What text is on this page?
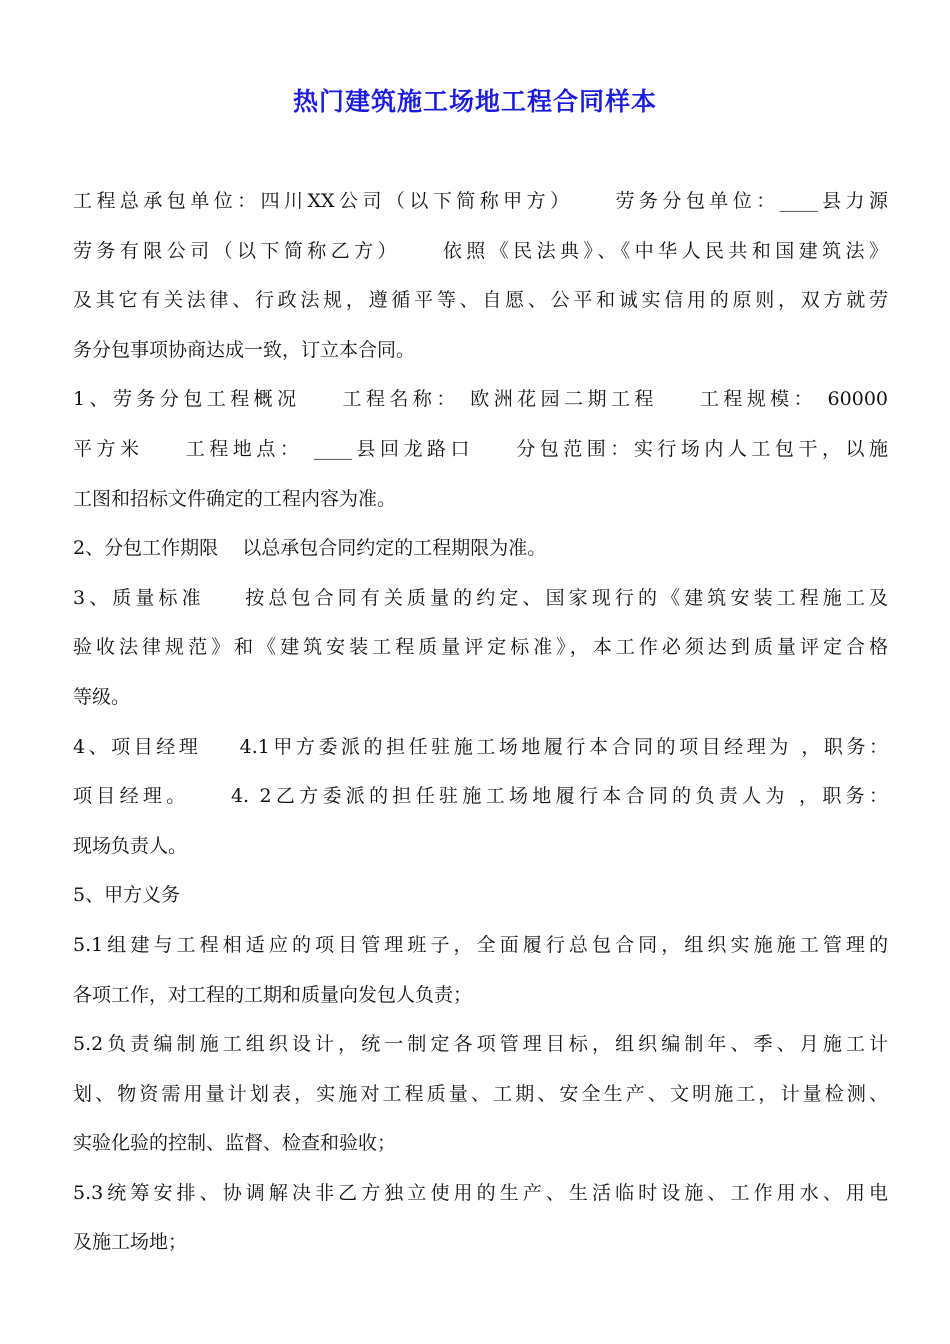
热门建筑施工场地工程合同样本
工程总承包单位：四川XX公司（以下简称甲方）    劳务分包单位：____县力源
劳务有限公司（以下简称乙方）    依照《民法典》、《中华人民共和国建筑法》
及其它有关法律、行政法规，遵循平等、自愿、公平和诚实信用的原则，双方就劳
务分包事项协商达成一致，订立本合同。
1、劳务分包工程概况    工程名称： 欧洲花园二期工程    工程规模： 60000
平方米    工程地点： ____县回龙路口    分包范围：实行场内人工包干，以施
工图和招标文件确定的工程内容为准。
2、分包工作期限    以总承包合同约定的工程期限为准。
3、质量标准    按总包合同有关质量的约定、国家现行的《建筑安装工程施工及
验收法律规范》和《建筑安装工程质量评定标准》，本工作必须达到质量评定合格
等级。
4、项目经理    4.1甲方委派的担任驻施工场地履行本合同的项目经理为 ，职务：
项目经理。    4. 2乙方委派的担任驻施工场地履行本合同的负责人为 ，职务：
现场负责人。
5、甲方义务
5.1组建与工程相适应的项目管理班子，全面履行总包合同，组织实施施工管理的
各项工作，对工程的工期和质量向发包人负责；
5.2负责编制施工组织设计，统一制定各项管理目标，组织编制年、季、月施工计
划、物资需用量计划表，实施对工程质量、工期、安全生产、文明施工，计量检测、
实验化验的控制、监督、检查和验收；
5.3统筹安排、协调解决非乙方独立使用的生产、生活临时设施、工作用水、用电
及施工场地；
